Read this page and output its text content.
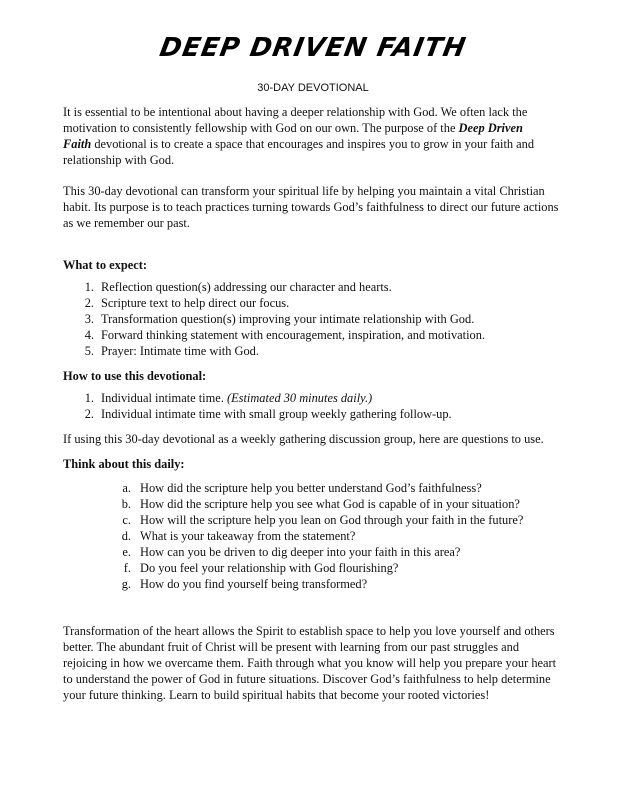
DEEP DRIVEN FAITH
30-DAY DEVOTIONAL

It is essential to be intentional about having a deeper relationship with God. We often lack the motivation to consistently fellowship with God on our own. The purpose of the Deep Driven
Faith devotional is to create a space that encourages and inspires you to grow in your faith and relationship with God.

This 30-day devotional can transform your spiritual life by helping you maintain a vital Christian habit. Its purpose is to teach practices turning towards God’s faithfulness to direct our future actions as we remember our past.

What to expect:

1. Reflection question(s) addressing our character and hearts.
2. Scripture text to help direct our focus.
3. Transformation question(s) improving your intimate relationship with God.
4. Forward thinking statement with encouragement, inspiration, and motivation.
5. Prayer: Intimate time with God.

How to use this devotional:

1. Individual intimate time. (Estimated 30 minutes daily.)
2. Individual intimate time with small group weekly gathering follow-up.

If using this 30-day devotional as a weekly gathering discussion group, here are questions to use.

Think about this daily:

a. How did the scripture help you better understand God’s faithfulness?
b. How did the scripture help you see what God is capable of in your situation?
c. How will the scripture help you lean on God through your faith in the future?
d. What is your takeaway from the statement?
e. How can you be driven to dig deeper into your faith in this area?
f. Do you feel your relationship with God flourishing?
g. How do you find yourself being transformed?

Transformation of the heart allows the Spirit to establish space to help you love yourself and others better. The abundant fruit of Christ will be present with learning from our past struggles and rejoicing in how we overcame them. Faith through what you know will help you prepare your heart to understand the power of God in future situations. Discover God’s faithfulness to help determine your future thinking. Learn to build spiritual habits that become your rooted victories!
